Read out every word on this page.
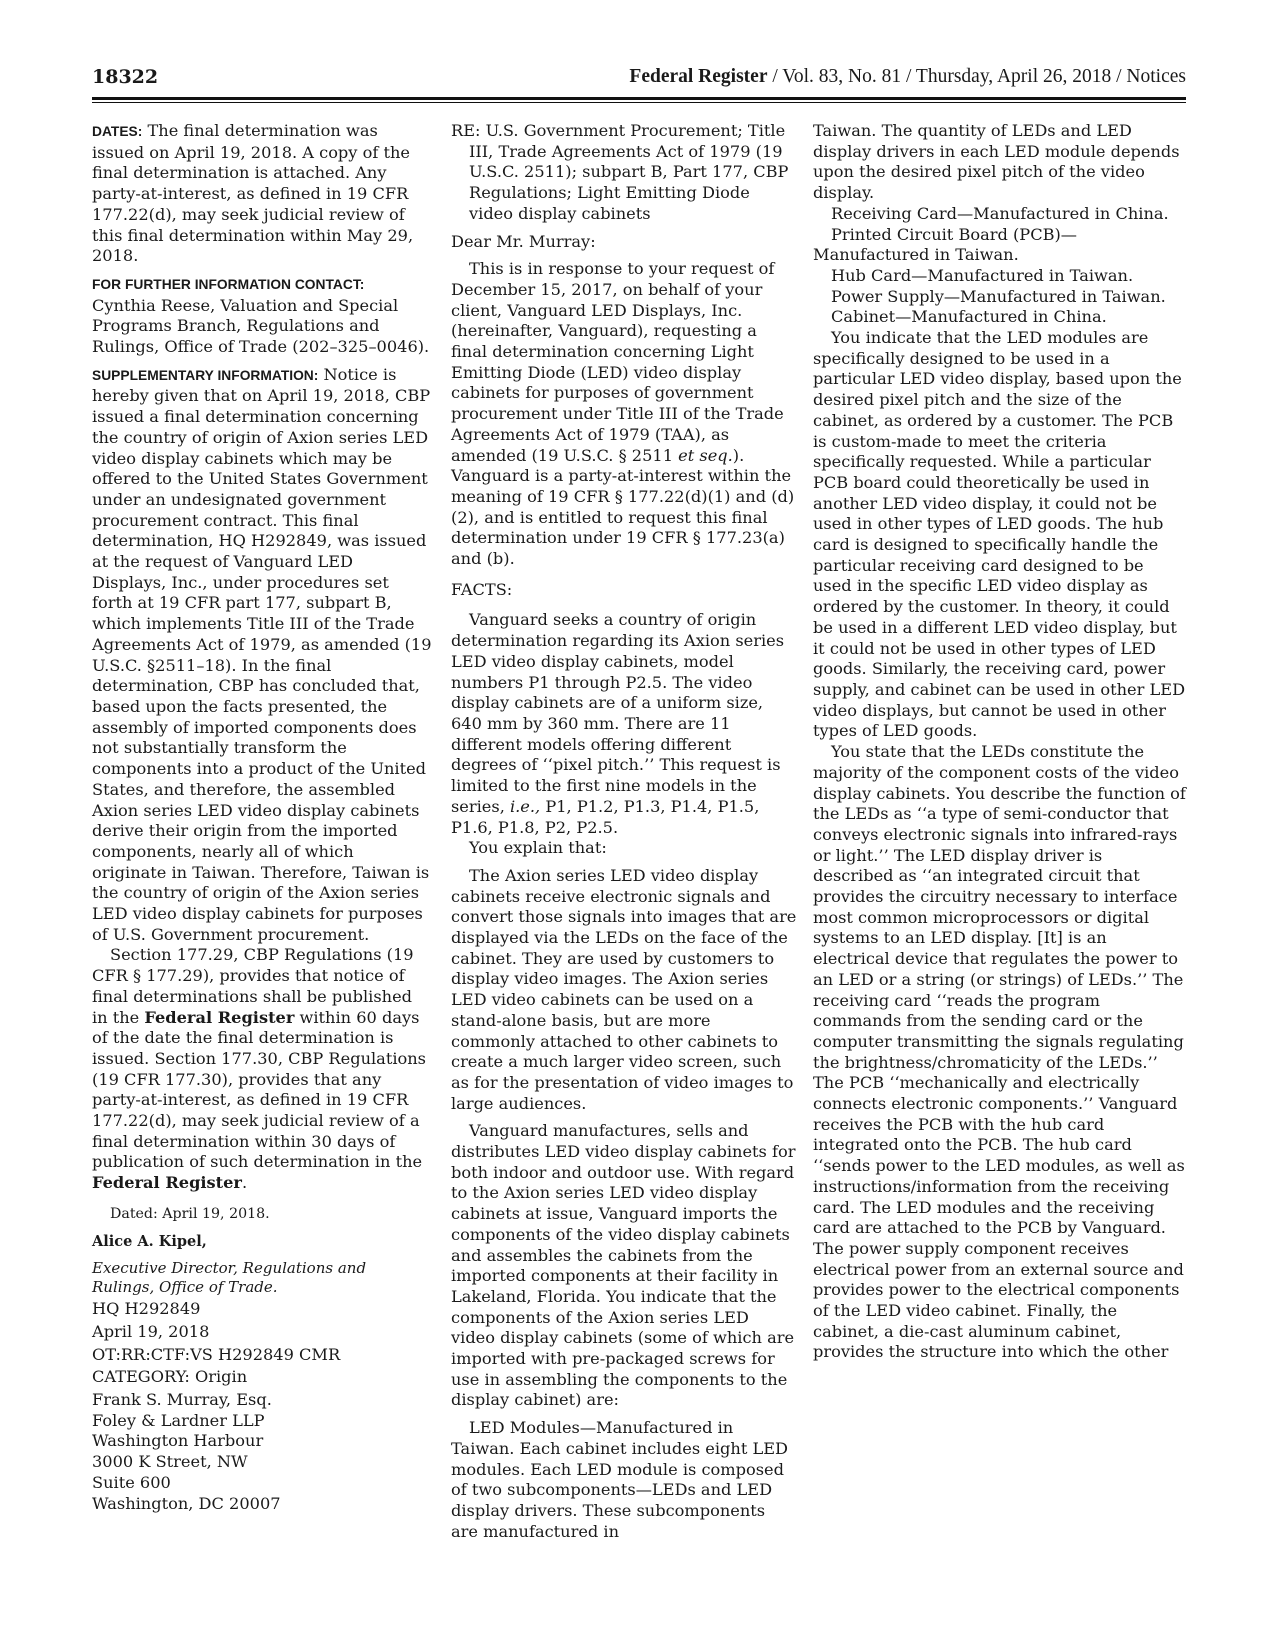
18322	Federal Register / Vol. 83, No. 81 / Thursday, April 26, 2018 / Notices

DATES: The final determination was issued on April 19, 2018. A copy of the final determination is attached. Any party-at-interest, as defined in 19 CFR 177.22(d), may seek judicial review of this final determination within May 29, 2018.

FOR FURTHER INFORMATION CONTACT:

Cynthia Reese, Valuation and Special Programs Branch, Regulations and Rulings, Office of Trade (202–325–0046).

SUPPLEMENTARY INFORMATION: Notice is hereby given that on April 19, 2018, CBP issued a final determination concerning the country of origin of Axion series LED video display cabinets which may be offered to the United States Government under an undesignated government procurement contract. This final determination, HQ H292849, was issued at the request of Vanguard LED Displays, Inc., under procedures set forth at 19 CFR part 177, subpart B, which implements Title III of the Trade Agreements Act of 1979, as amended (19 U.S.C. §2511–18). In the final determination, CBP has concluded that, based upon the facts presented, the assembly of imported components does not substantially transform the components into a product of the United States, and therefore, the assembled Axion series LED video display cabinets derive their origin from the imported components, nearly all of which originate in Taiwan. Therefore, Taiwan is the country of origin of the Axion series LED video display cabinets for purposes of U.S. Government procurement.

Section 177.29, CBP Regulations (19 CFR § 177.29), provides that notice of final determinations shall be published in the Federal Register within 60 days of the date the final determination is issued. Section 177.30, CBP Regulations (19 CFR 177.30), provides that any party-at-interest, as defined in 19 CFR 177.22(d), may seek judicial review of a final determination within 30 days of publication of such determination in the Federal Register.

Dated: April 19, 2018.

Alice A. Kipel,

Executive Director, Regulations and Rulings, Office of Trade.

HQ H292849

April 19, 2018

OT:RR:CTF:VS H292849 CMR

CATEGORY: Origin

Frank S. Murray, Esq.

Foley & Lardner LLP

Washington Harbour

3000 K Street, NW

Suite 600

Washington, DC 20007

RE: U.S. Government Procurement; Title III, Trade Agreements Act of 1979 (19 U.S.C. 2511); subpart B, Part 177, CBP Regulations; Light Emitting Diode video display cabinets

Dear Mr. Murray:

This is in response to your request of December 15, 2017, on behalf of your client, Vanguard LED Displays, Inc. (hereinafter, Vanguard), requesting a final determination concerning Light Emitting Diode (LED) video display cabinets for purposes of government procurement under Title III of the Trade Agreements Act of 1979 (TAA), as amended (19 U.S.C. § 2511 et seq.). Vanguard is a party-at-interest within the meaning of 19 CFR § 177.22(d)(1) and (d)(2), and is entitled to request this final determination under 19 CFR § 177.23(a) and (b).

FACTS:

Vanguard seeks a country of origin determination regarding its Axion series LED video display cabinets, model numbers P1 through P2.5. The video display cabinets are of a uniform size, 640 mm by 360 mm. There are 11 different models offering different degrees of ‘‘pixel pitch.’’ This request is limited to the first nine models in the series, i.e., P1, P1.2, P1.3, P1.4, P1.5, P1.6, P1.8, P2, P2.5.

You explain that:

The Axion series LED video display cabinets receive electronic signals and convert those signals into images that are displayed via the LEDs on the face of the cabinet. They are used by customers to display video images. The Axion series LED video cabinets can be used on a stand-alone basis, but are more commonly attached to other cabinets to create a much larger video screen, such as for the presentation of video images to large audiences.

Vanguard manufactures, sells and distributes LED video display cabinets for both indoor and outdoor use. With regard to the Axion series LED video display cabinets at issue, Vanguard imports the components of the video display cabinets and assembles the cabinets from the imported components at their facility in Lakeland, Florida. You indicate that the components of the Axion series LED video display cabinets (some of which are imported with pre-packaged screws for use in assembling the components to the display cabinet) are:

LED Modules—Manufactured in Taiwan. Each cabinet includes eight LED modules. Each LED module is composed of two subcomponents—LEDs and LED display drivers. These subcomponents are manufactured in

Taiwan. The quantity of LEDs and LED display drivers in each LED module depends upon the desired pixel pitch of the video display.

Receiving Card—Manufactured in China.

Printed Circuit Board (PCB)—Manufactured in Taiwan.

Hub Card—Manufactured in Taiwan.

Power Supply—Manufactured in Taiwan.

Cabinet—Manufactured in China.

You indicate that the LED modules are specifically designed to be used in a particular LED video display, based upon the desired pixel pitch and the size of the cabinet, as ordered by a customer. The PCB is custom-made to meet the criteria specifically requested. While a particular PCB board could theoretically be used in another LED video display, it could not be used in other types of LED goods. The hub card is designed to specifically handle the particular receiving card designed to be used in the specific LED video display as ordered by the customer. In theory, it could be used in a different LED video display, but it could not be used in other types of LED goods. Similarly, the receiving card, power supply, and cabinet can be used in other LED video displays, but cannot be used in other types of LED goods.

You state that the LEDs constitute the majority of the component costs of the video display cabinets. You describe the function of the LEDs as ‘‘a type of semi-conductor that conveys electronic signals into infrared-rays or light.’’ The LED display driver is described as ‘‘an integrated circuit that provides the circuitry necessary to interface most common microprocessors or digital systems to an LED display. [It] is an electrical device that regulates the power to an LED or a string (or strings) of LEDs.’’ The receiving card ‘‘reads the program commands from the sending card or the computer transmitting the signals regulating the brightness/chromaticity of the LEDs.’’ The PCB ‘‘mechanically and electrically connects electronic components.’’ Vanguard receives the PCB with the hub card integrated onto the PCB. The hub card ‘‘sends power to the LED modules, as well as instructions/information from the receiving card. The LED modules and the receiving card are attached to the PCB by Vanguard. The power supply component receives electrical power from an external source and provides power to the electrical components of the LED video cabinet. Finally, the cabinet, a die-cast aluminum cabinet, provides the structure into which the other
